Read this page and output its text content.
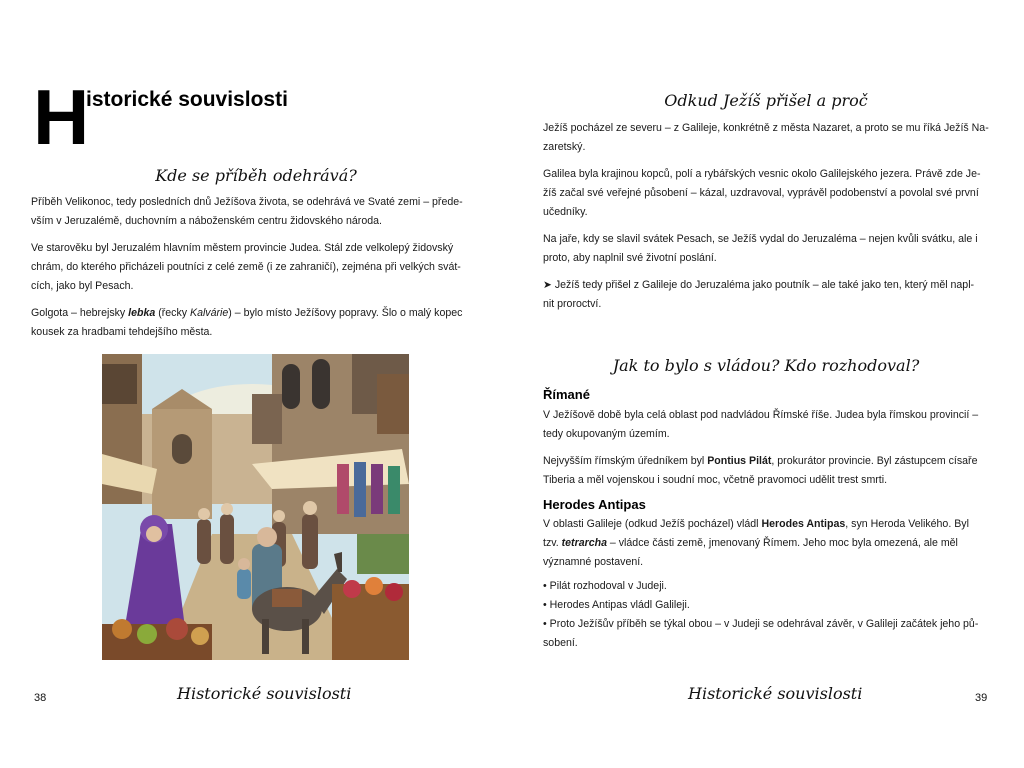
H
istorické souvislosti
Kde se příběh odehrává?

Příběh Velikonoc, tedy posledních dnů Ježíšova života, se odehrává ve Svaté zemi – přede-
vším v Jeruzalémě, duchovním a náboženském centru židovského národa.

Ve starověku byl Jeruzalém hlavním městem provincie Judea. Stál zde velkolepý židovský
chrám, do kterého přicházeli poutníci z celé země (i ze zahraničí), zejména při velkých svát-
cích, jako byl Pesach.

Golgota – hebrejsky lebka (řecky Kalvárie) – bylo místo Ježíšovy popravy. Šlo o malý kopec
kousek za hradbami tehdejšího města.

38	Historické souvislosti
Odkud Ježíš přišel a proč

Ježíš pocházel ze severu – z Galileje, konkrétně z města Nazaret, a proto se mu říká Ježíš Na-
zaretský.

Galilea byla krajinou kopců, polí a rybářských vesnic okolo Galilejského jezera. Právě zde Je-
žíš začal své veřejné působení – kázal, uzdravoval, vyprávěl podobenství a povolal své první
učedníky.

Na jaře, kdy se slavil svátek Pesach, se Ježíš vydal do Jeruzaléma – nejen kvůli svátku, ale i
proto, aby naplnil své životní poslání.

➤ Ježíš tedy přišel z Galileje do Jeruzaléma jako poutník – ale také jako ten, který měl napl-
nit proroctví.

Jak to bylo s vládou? Kdo rozhodoval?
Římané

V Ježíšově době byla celá oblast pod nadvládou Římské říše. Judea byla římskou provincií –
tedy okupovaným územím.

Nejvyšším římským úředníkem byl Pontius Pilát, prokurátor provincie. Byl zástupcem císaře
Tiberia a měl vojenskou i soudní moc, včetně pravomoci udělit trest smrti.

Herodes Antipas

V oblasti Galileje (odkud Ježíš pocházel) vládl Herodes Antipas, syn Heroda Velikého. Byl
tzv. tetrarcha – vládce části země, jmenovaný Římem. Jeho moc byla omezená, ale měl
významné postavení.

• Pilát rozhodoval v Judeji.
• Herodes Antipas vládl Galileji.
• Proto Ježíšův příběh se týkal obou – v Judeji se odehrával závěr, v Galileji začátek jeho pů-
sobení.
39
Historické souvislosti
